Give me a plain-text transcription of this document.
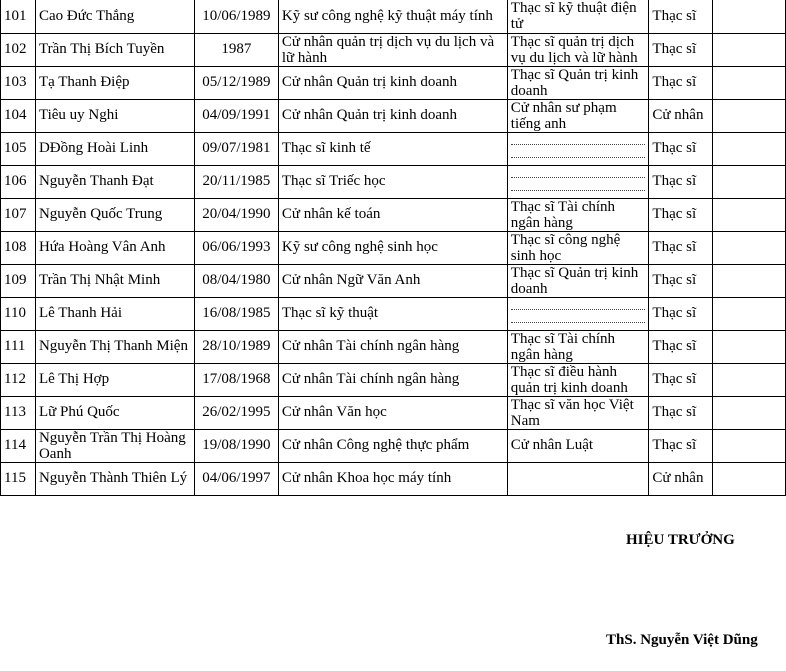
101	Cao Đức Thắng	10/06/1989	Kỹ sư công nghệ kỹ thuật máy tính	Thạc sĩ kỹ thuật điện tử	Thạc sĩ	
102	Trần Thị Bích Tuyền	1987	Cử nhân quản trị dịch vụ du lịch và lữ hành	Thạc sĩ quản trị dịch vụ du lịch và lữ hành	Thạc sĩ	
103	Tạ Thanh Điệp	05/12/1989	Cử nhân Quản trị kinh doanh	Thạc sĩ Quản trị kinh doanh	Thạc sĩ	
104	Tiêu uy Nghi	04/09/1991	Cử nhân Quản trị kinh doanh	Cử nhân sư phạm tiếng anh	Cử nhân	
105	DĐồng Hoài Linh	09/07/1981	Thạc sĩ kinh tế		Thạc sĩ	
106	Nguyễn Thanh Đạt	20/11/1985	Thạc sĩ Triếc học		Thạc sĩ	
107	Nguyễn Quốc Trung	20/04/1990	Cử nhân kế toán	Thạc sĩ Tài chính ngân hàng	Thạc sĩ	
108	Hứa Hoàng Vân Anh	06/06/1993	Kỹ sư công nghệ sinh học	Thạc sĩ công nghệ sinh học	Thạc sĩ	
109	Trần Thị Nhật Minh	08/04/1980	Cử nhân Ngữ Văn Anh	Thạc sĩ Quản trị kinh doanh	Thạc sĩ	
110	Lê Thanh Hải	16/08/1985	Thạc sĩ kỹ thuật		Thạc sĩ	
111	Nguyễn Thị Thanh Miện	28/10/1989	Cử nhân Tài chính ngân hàng	Thạc sĩ Tài chính ngân hàng	Thạc sĩ	
112	Lê Thị Hợp	17/08/1968	Cử nhân Tài chính ngân hàng	Thạc sĩ điều hành quản trị kinh doanh	Thạc sĩ	
113	Lữ Phú Quốc	26/02/1995	Cử nhân Văn học	Thạc sĩ văn học Việt Nam	Thạc sĩ	
114	Nguyễn Trần Thị Hoàng Oanh	19/08/1990	Cử nhân Công nghệ thực phẩm	Cử nhân Luật	Thạc sĩ	
115	Nguyễn Thành Thiên Lý	04/06/1997	Cử nhân Khoa học máy tính		Cử nhân	
HIỆU TRƯỞNG
ThS. Nguyễn Việt Dũng
